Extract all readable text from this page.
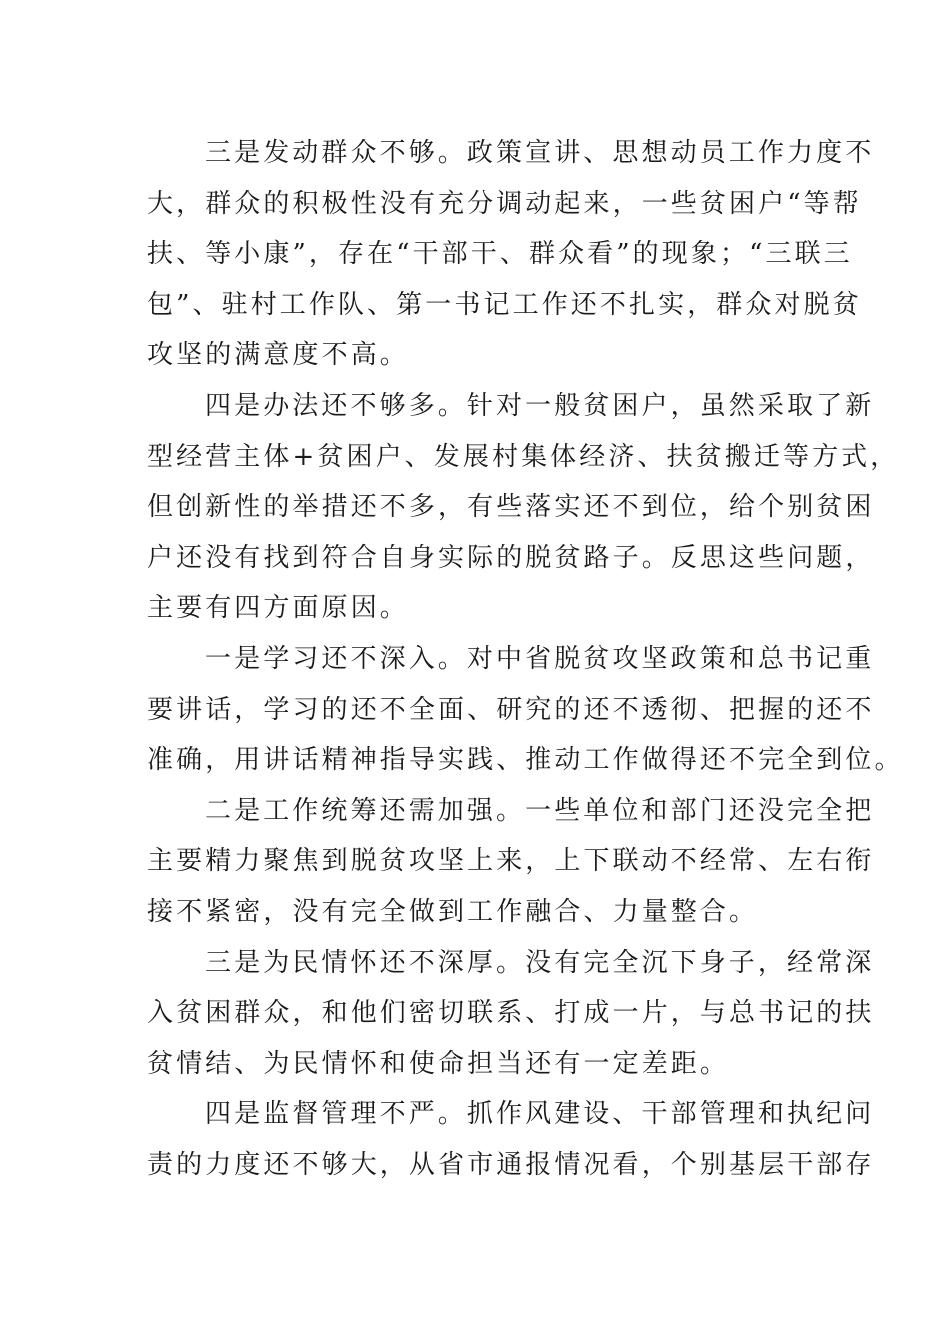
三是发动群众不够。政策宣讲、思想动员工作力度不
大，群众的积极性没有充分调动起来，一些贫困户“等帮
扶、等小康”，存在“干部干、群众看”的现象；“三联三
包”、驻村工作队、第一书记工作还不扎实，群众对脱贫
攻坚的满意度不高。
四是办法还不够多。针对一般贫困户，虽然采取了新
型经营主体+贫困户、发展村集体经济、扶贫搬迁等方式，
但创新性的举措还不多，有些落实还不到位，给个别贫困
户还没有找到符合自身实际的脱贫路子。反思这些问题，
主要有四方面原因。
一是学习还不深入。对中省脱贫攻坚政策和总书记重
要讲话，学习的还不全面、研究的还不透彻、把握的还不
准确，用讲话精神指导实践、推动工作做得还不完全到位。
二是工作统筹还需加强。一些单位和部门还没完全把
主要精力聚焦到脱贫攻坚上来，上下联动不经常、左右衔
接不紧密，没有完全做到工作融合、力量整合。
三是为民情怀还不深厚。没有完全沉下身子，经常深
入贫困群众，和他们密切联系、打成一片，与总书记的扶
贫情结、为民情怀和使命担当还有一定差距。
四是监督管理不严。抓作风建设、干部管理和执纪问
责的力度还不够大，从省市通报情况看，个别基层干部存
